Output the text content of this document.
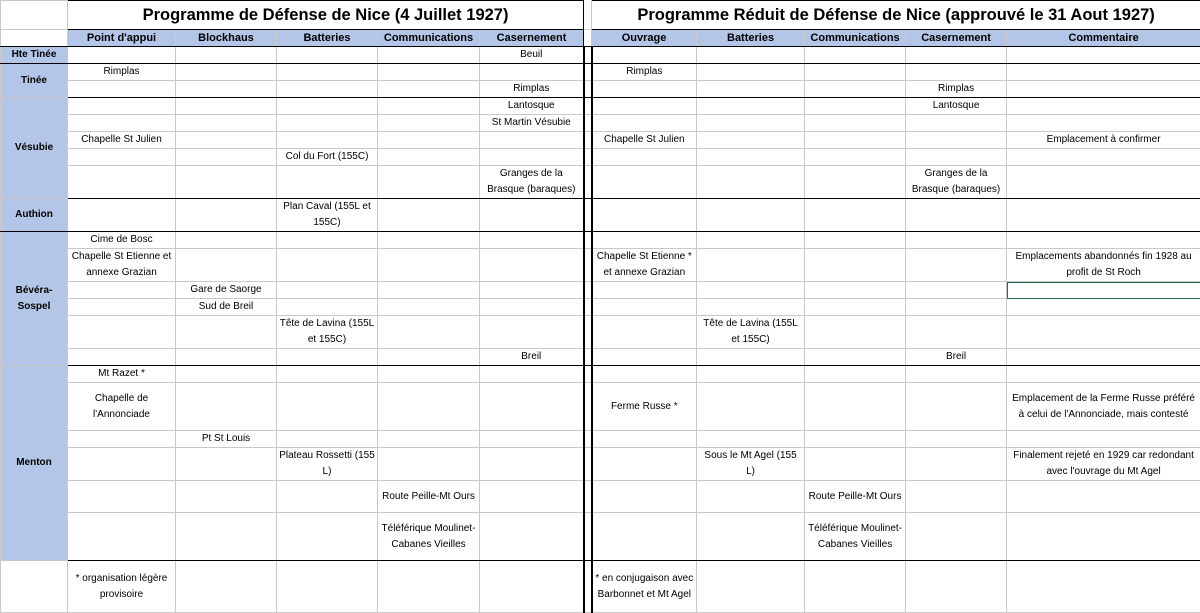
	Programme de Défense de Nice (4 Juillet 1927)						Programme Réduit de Défense de Nice (approuvé le 31 Aout 1927)				
	Point d'appui	Blockhaus	Batteries	Communications	Casernement		Ouvrage	Batteries	Communications	Casernement	Commentaire
Hte Tinée					Beuil						
Tinée	Rimplas						Rimplas				
					Rimplas					Rimplas	
Vésubie					Lantosque					Lantosque	
					St Martin Vésubie						
	Chapelle St Julien						Chapelle St Julien				Emplacement à confirmer
			Col du Fort (155C)								
					Granges de la Brasque (baraques)					Granges de la Brasque (baraques)	
Authion			Plan Caval (155L et 155C)								
Bévéra-Sospel	Cime de Bosc										
	Chapelle St Etienne et annexe Grazian						Chapelle St Etienne * et annexe Grazian				Emplacements abandonnés fin 1928 au profit de St Roch
		Gare de Saorge									
		Sud de Breil									
			Tête de Lavina (155L et 155C)					Tête de Lavina (155L et 155C)			
					Breil					Breil	
Menton	Mt Razet *										
	Chapelle de l'Annonciade						Ferme Russe *				Emplacement de la Ferme Russe préféré à celui de l'Annonciade, mais contesté
		Pt St Louis									
			Plateau Rossetti (155 L)					Sous le Mt Agel (155 L)			Finalement rejeté en 1929 car redondant avec l'ouvrage du Mt Agel
				Route Peille-Mt Ours					Route Peille-Mt Ours		
				Téléférique Moulinet-Cabanes Vieilles					Téléférique Moulinet-Cabanes Vieilles		
	* organisation légère provisoire						* en conjugaison avec Barbonnet et Mt Agel				
